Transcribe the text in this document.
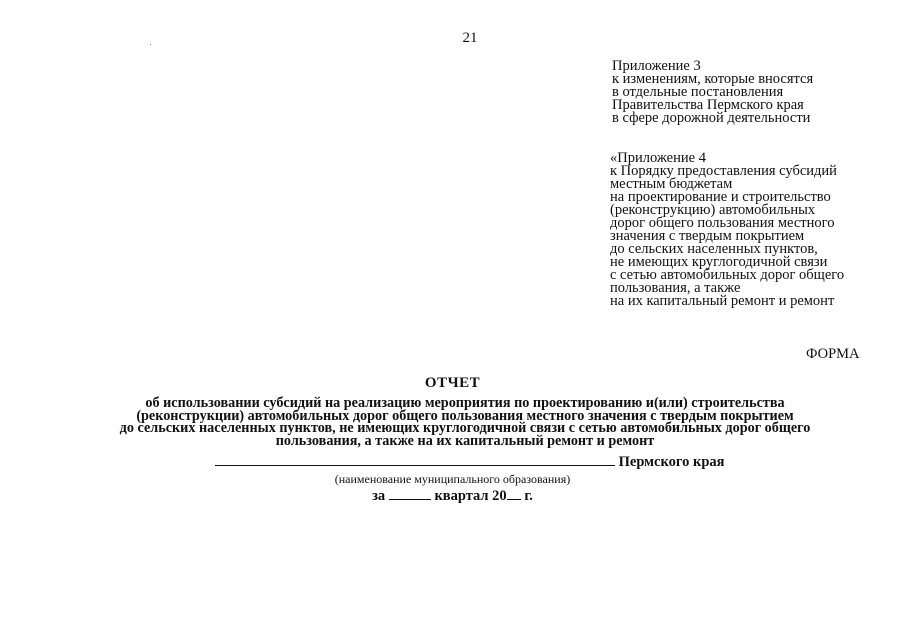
21
Приложение 3
к изменениям, которые вносятся
в отдельные постановления
Правительства Пермского края
в сфере дорожной деятельности
«Приложение 4
к Порядку предоставления субсидий
местным бюджетам
на проектирование и строительство
(реконструкцию) автомобильных
дорог общего пользования местного
значения с твердым покрытием
до сельских населенных пунктов,
не имеющих круглогодичной связи
с сетью автомобильных дорог общего
пользования, а также
на их капитальный ремонт и ремонт
ФОРМА
ОТЧЕТ
об использовании субсидий на реализацию мероприятия по проектированию и(или) строительства
(реконструкции) автомобильных дорог общего пользования местного значения с твердым покрытием
до сельских населенных пунктов, не имеющих круглогодичной связи с сетью автомобильных дорог общего
пользования, а также на их капитальный ремонт и ремонт
Пермского края
(наименование муниципального образования)
за	квартал 20 г.
